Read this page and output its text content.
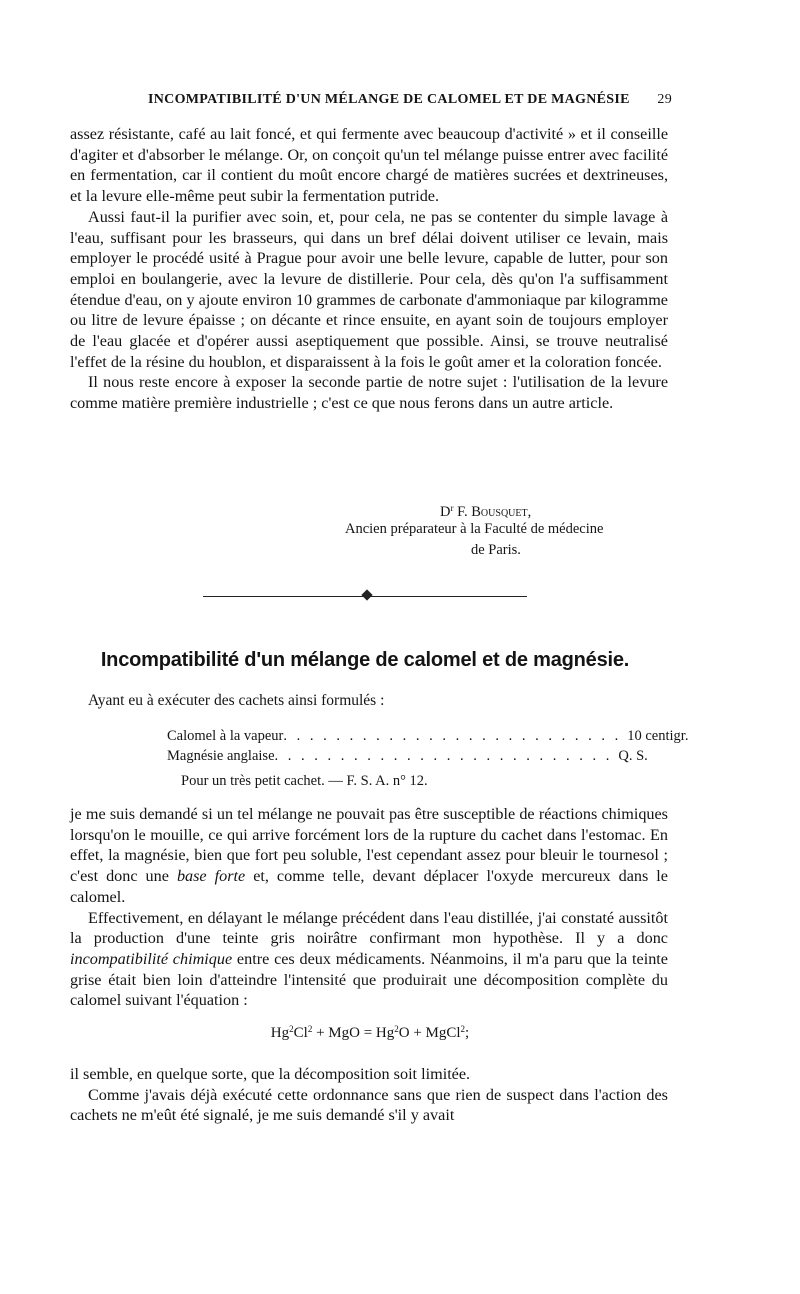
INCOMPATIBILITÉ D'UN MÉLANGE DE CALOMEL ET DE MAGNÉSIE 29

assez résistante, café au lait foncé, et qui fermente avec beaucoup d'activité » et il conseille d'agiter et d'absorber le mélange. Or, on conçoit qu'un tel mélange puisse entrer avec facilité en fermentation, car il contient du moût encore chargé de matières sucrées et dextrineuses, et la levure elle-même peut subir la fermentation putride.

Aussi faut-il la purifier avec soin, et, pour cela, ne pas se contenter du simple lavage à l'eau, suffisant pour les brasseurs, qui dans un bref délai doivent utiliser ce levain, mais employer le procédé usité à Prague pour avoir une belle levure, capable de lutter, pour son emploi en boulangerie, avec la levure de distillerie. Pour cela, dès qu'on l'a suffisamment étendue d'eau, on y ajoute environ 10 grammes de carbonate d'ammoniaque par kilogramme ou litre de levure épaisse ; on décante et rince ensuite, en ayant soin de toujours employer de l'eau glacée et d'opérer aussi aseptiquement que possible. Ainsi, se trouve neutralisé l'effet de la résine du houblon, et disparaissent à la fois le goût amer et la coloration foncée.

Il nous reste encore à exposer la seconde partie de notre sujet : l'utilisation de la levure comme matière première industrielle ; c'est ce que nous ferons dans un autre article.

$D^r$ F. Bousquet,
Ancien préparateur à la Faculté de médecine
de Paris.
Incompatibilité d'un mélange de calomel et de magnésie.

Ayant eu à exécuter des cachets ainsi formulés :

Calomel à la vapeur . . . . . . . . . . . . . . . . . . . . . . . . . . 10 centigr.
Magnésie anglaise . . . . . . . . . . . . . . . . . . . . . . . . . . Q. S.
Pour un très petit cachet. — F. S. A. n° 12.

je me suis demandé si un tel mélange ne pouvait pas être susceptible de réactions chimiques lorsqu'on le mouille, ce qui arrive forcément lors de la rupture du cachet dans l'estomac. En effet, la magnésie, bien que fort peu soluble, l'est cependant assez pour bleuir le tournesol ; c'est donc une base forte et, comme telle, devant déplacer l'oxyde mercureux dans le calomel.

Effectivement, en délayant le mélange précédent dans l'eau distillée, j'ai constaté aussitôt la production d'une teinte gris noirâtre confirmant mon hypothèse. Il y a donc incompatibilité chimique entre ces deux médicaments. Néanmoins, il m'a paru que la teinte grise était bien loin d'atteindre l'intensité que produirait une décomposition complète du calomel suivant l'équation :

$Hg^2Cl^2$ + MgO = $Hg^2O$ + MgCl$^2$;

il semble, en quelque sorte, que la décomposition soit limitée.

Comme j'avais déjà exécuté cette ordonnance sans que rien de suspect dans l'action des cachets ne m'eût été signalé, je me suis demandé s'il y avait
